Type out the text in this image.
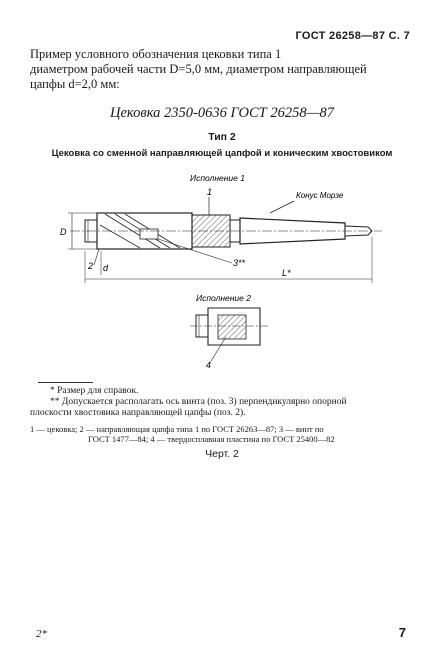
ГОСТ 26258—87 С. 7
Пример условного обозначения цековки типа 1
диаметром рабочей части D=5,0 мм, диаметром направляющей
цапфы d=2,0 мм:
Цековка 2350-0636 ГОСТ 26258—87
Тип 2
Цековка со сменной направляющей цапфой и коническим хвостовиком
Исполнение 1
1	Конус Морзе
D
2	3**
d	L*
Исполнение 2
4
* Размер для справок.
** Допускается располагать ось винта (поз. 3) перпендикулярно опорной
плоскости хвостовика направляющей цапфы (поз. 2).
1 — цековка; 2 — направляющая цапфа типа 1 по ГОСТ 26263—87; 3 — винт по
ГОСТ 1477—84; 4 — твердосплавная пластина по ГОСТ 25400—82
Черт. 2
2*	7
